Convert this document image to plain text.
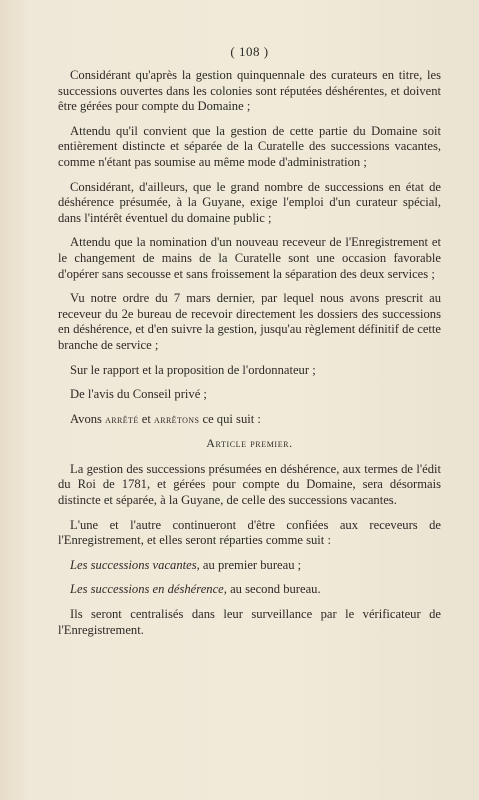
( 108 )

Considérant qu'après la gestion quinquennale des curateurs en titre, les successions ouvertes dans les colonies sont réputées déshérentes, et doivent être gérées pour compte du Domaine ;

Attendu qu'il convient que la gestion de cette partie du Domaine soit entièrement distincte et séparée de la Curatelle des successions vacantes, comme n'étant pas soumise au même mode d'administration ;

Considérant, d'ailleurs, que le grand nombre de successions en état de déshérence présumée, à la Guyane, exige l'emploi d'un curateur spécial, dans l'intérêt éventuel du domaine public ;

Attendu que la nomination d'un nouveau receveur de l'Enregistrement et le changement de mains de la Curatelle sont une occasion favorable d'opérer sans secousse et sans froissement la séparation des deux services ;

Vu notre ordre du 7 mars dernier, par lequel nous avons prescrit au receveur du 2e bureau de recevoir directement les dossiers des successions en déshérence, et d'en suivre la gestion, jusqu'au règlement définitif de cette branche de service ;

Sur le rapport et la proposition de l'ordonnateur ;

De l'avis du Conseil privé ;

Avons arrêté et arrêtons ce qui suit :

Article premier.

La gestion des successions présumées en déshérence, aux termes de l'édit du Roi de 1781, et gérées pour compte du Domaine, sera désormais distincte et séparée, à la Guyane, de celle des successions vacantes.

L'une et l'autre continueront d'être confiées aux receveurs de l'Enregistrement, et elles seront réparties comme suit :

Les successions vacantes, au premier bureau ;

Les successions en déshérence, au second bureau.

Ils seront centralisés dans leur surveillance par le vérificateur de l'Enregistrement.
